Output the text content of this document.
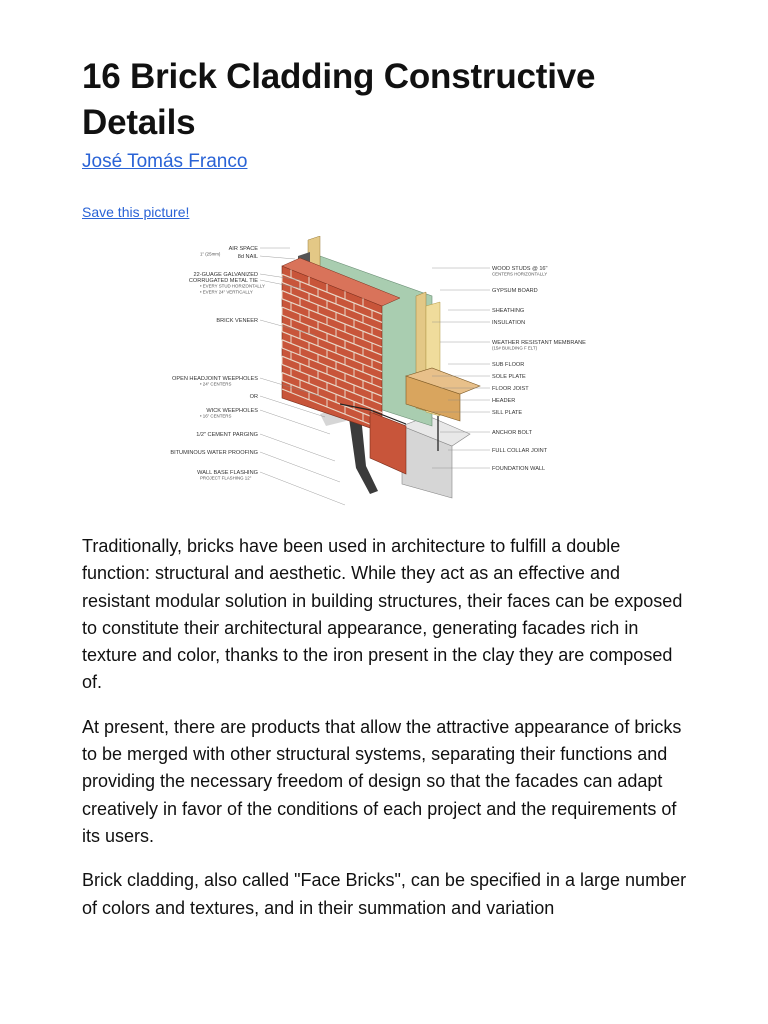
16 Brick Cladding Constructive Details
José Tomás Franco
Save this picture!
AIR SPACE
1" (25mm)	8d NAIL
22-GUAGE GALVANIZED
CORRUGATED METAL TIE
• EVERY STUD HORIZONTALLY
• EVERY 24" VERTICALLY
BRICK VENEER
OPEN HEADJOINT WEEPHOLES
• 24" CENTERS
OR
WICK WEEPHOLES
• 16" CENTERS
1/2" CEMENT PARGING
BITUMINOUS WATER PROOFING
WALL BASE FLASHING
PROJECT FLASHING 12"
WOOD STUDS @ 16"
CENTERS HORIZONTALLY
GYPSUM BOARD
SHEATHING
INSULATION
WEATHER RESISTANT MEMBRANE
(15# BUILDING F ELT)
SUB FLOOR
SOLE PLATE
FLOOR JOIST
HEADER
SILL PLATE
ANCHOR BOLT
FULL COLLAR JOINT
FOUNDATION WALL

Traditionally, bricks have been used in architecture to fulfill a double function: structural and aesthetic. While they act as an effective and resistant modular solution in building structures, their faces can be exposed to constitute their architectural appearance, generating facades rich in texture and color, thanks to the iron present in the clay they are composed of.

At present, there are products that allow the attractive appearance of bricks to be merged with other structural systems, separating their functions and providing the necessary freedom of design so that the facades can adapt creatively in favor of the conditions of each project and the requirements of its users.

Brick cladding, also called "Face Bricks", can be specified in a large number of colors and textures, and in their summation and variation
